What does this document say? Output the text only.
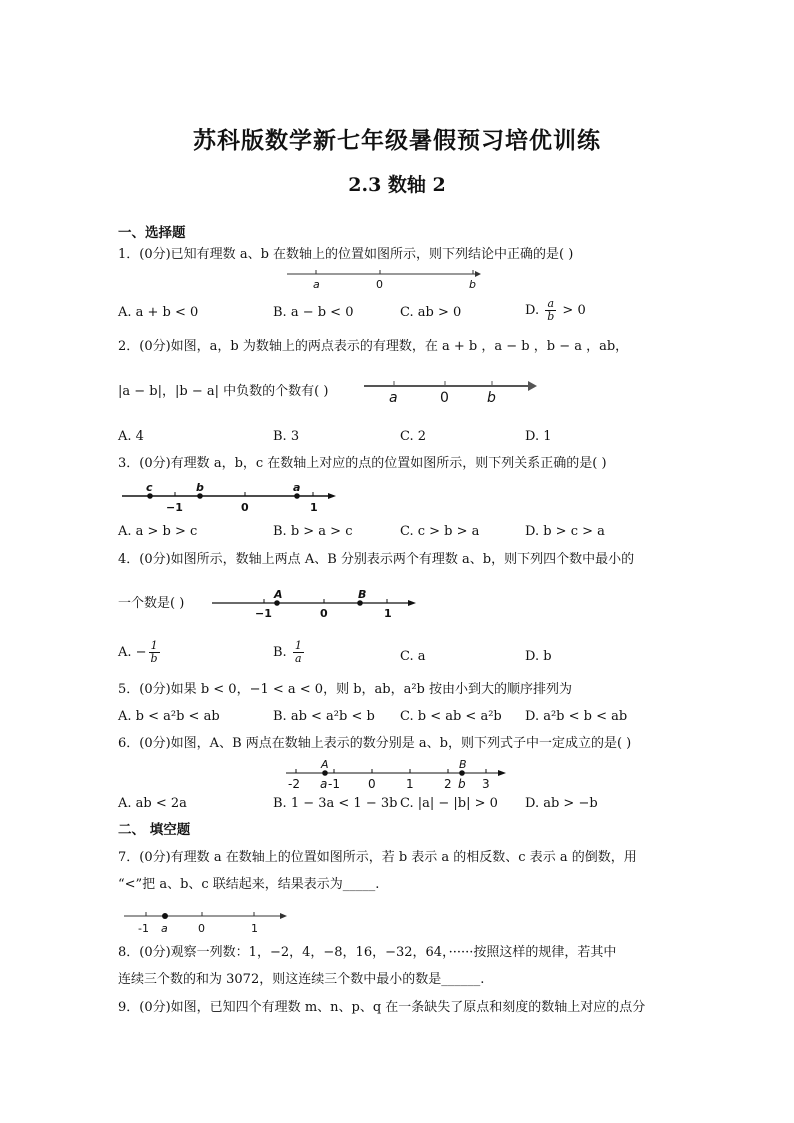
苏科版数学新七年级暑假预习培优训练
2.3 数轴 2
一、选择题
1．(0分)已知有理数 a、b 在数轴上的位置如图所示，则下列结论中正确的是( )
a	0	b
A. a + b < 0	B. a − b < 0	C. ab > 0	D. $\frac{a}{b} > 0$
2．(0分)如图，a，b 为数轴上的两点表示的有理数，在 a + b ，a − b ，b − a ，ab，
|a − b|，|b − a| 中负数的个数有( )	a	0	b
A. 4	B. 3	C. 2	D. 1
3．(0分)有理数 a，b，c 在数轴上对应的点的位置如图所示，则下列关系正确的是( )
c	b	a
−1	0	1
A. a > b > c	B. b > a > c	C. c > b > a	D. b > c > a
4．(0分)如图所示，数轴上两点 A、B 分别表示两个有理数 a、b，则下列四个数中最小的
一个数是( )
A	B
−1	0	1
A. − $\frac{1}{b}$	B. $\frac{1}{a}$	C. a	D. b
5．(0分)如果 b < 0，−1 < a < 0，则 b，ab，a²b 按由小到大的顺序排列为
A. b < a²b < ab	B. ab < a²b < b C. b < ab < a²b D. a²b < b < ab
6．(0分)如图，A、B 两点在数轴上表示的数分别是 a、b，则下列式子中一定成立的是( )
A	B
-2 a -1 0	1	2 b 3
A. ab < 2a	B. 1 − 3a < 1 − 3b C. |a| − |b| > 0 D. ab > −b
二、 填空题
7．(0分)有理数 a 在数轴上的位置如图所示，若 b 表示 a 的相反数、c 表示 a 的倒数，用
“<”把 a、b、c 联结起来，结果表示为_____.
-1 a	0	1
8．(0分)观察一列数：1，−2，4，−8，16，−32，64，······按照这样的规律，若其中
连续三个数的和为 3072，则这连续三个数中最小的数是______.
9．(0分)如图，已知四个有理数 m、n、p、q 在一条缺失了原点和刻度的数轴上对应的点分
